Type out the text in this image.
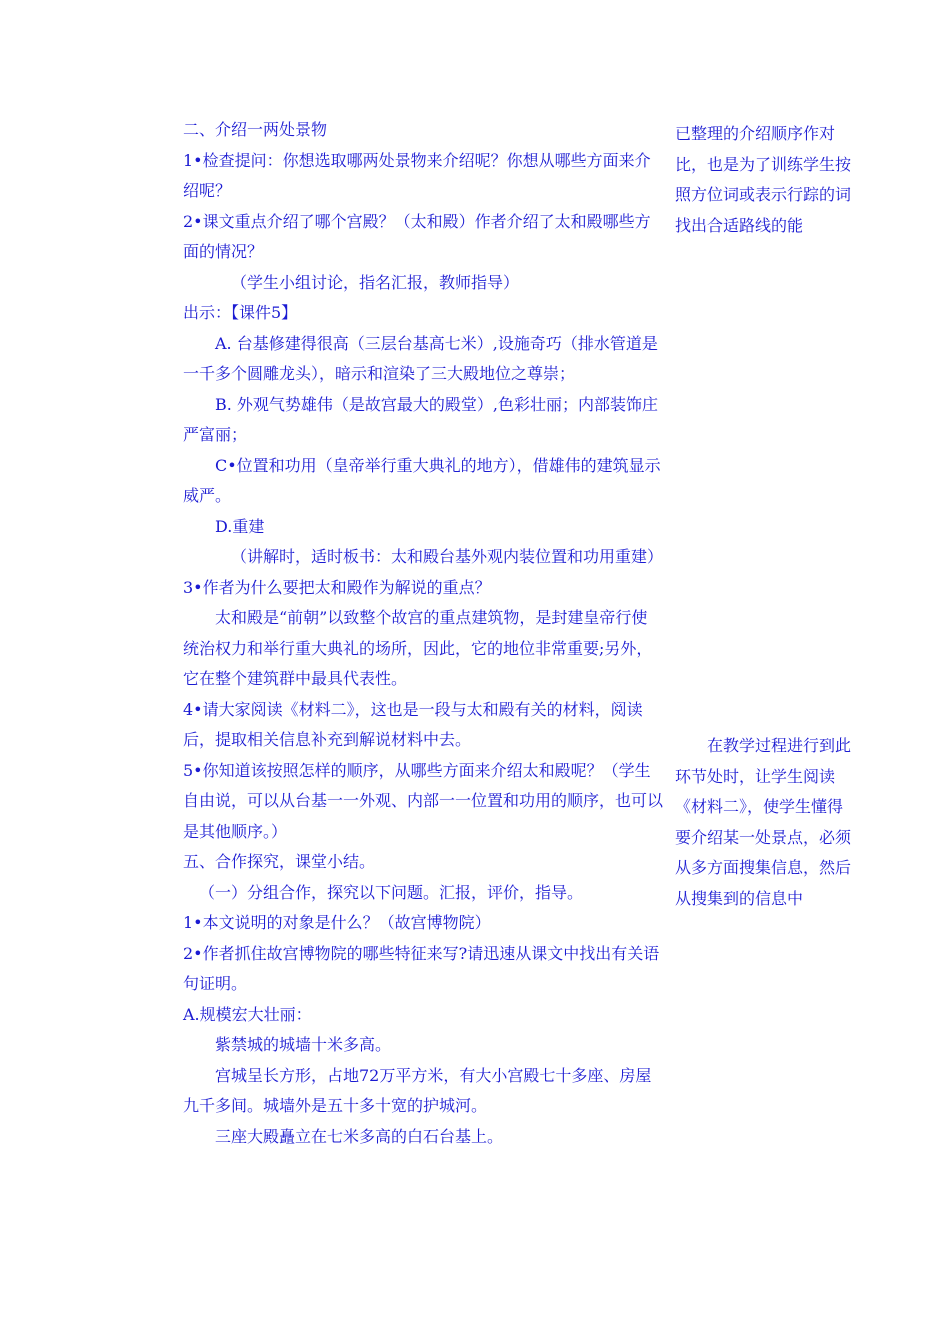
二、介绍一两处景物

1•检查提问：你想选取哪两处景物来介绍呢？你想从哪些方面来介绍呢？

2•课文重点介绍了哪个宫殿？（太和殿）作者介绍了太和殿哪些方面的情况？

（学生小组讨论，指名汇报，教师指导）

出示：【课件5】

A. 台基修建得很高（三层台基高七米）,设施奇巧（排水管道是一千多个圆雕龙头），暗示和渲染了三大殿地位之尊崇；

B. 外观气势雄伟（是故宫最大的殿堂）,色彩壮丽；内部装饰庄严富丽；

C•位置和功用（皇帝举行重大典礼的地方），借雄伟的建筑显示威严。

D.重建

（讲解时，适时板书：太和殿台基外观内装位置和功用重建）

3•作者为什么要把太和殿作为解说的重点？

太和殿是“前朝”以致整个故宫的重点建筑物，是封建皇帝行使统治权力和举行重大典礼的场所，因此，它的地位非常重要;另外，它在整个建筑群中最具代表性。

4•请大家阅读《材料二》，这也是一段与太和殿有关的材料，阅读后，提取相关信息补充到解说材料中去。

5•你知道该按照怎样的顺序，从哪些方面来介绍太和殿呢？（学生自由说，可以从台基一一外观、内部一一位置和功用的顺序，也可以是其他顺序。）

五、合作探究，课堂小结。

（一）分组合作，探究以下问题。汇报，评价，指导。

1•本文说明的对象是什么？（故宫博物院）

2•作者抓住故宫博物院的哪些特征来写?请迅速从课文中找出有关语句证明。

A.规模宏大壮丽：

紫禁城的城墙十米多高。

宫城呈长方形，占地72万平方米，有大小宫殿七十多座、房屋九千多间。城墙外是五十多十宽的护城河。

三座大殿矗立在七米多高的白石台基上。

已整理的介绍顺序作对比，也是为了训练学生按照方位词或表示行踪的词找出合适路线的能

在教学过程进行到此环节处时，让学生阅读

《材料二》，使学生懂得要介绍某一处景点，必须从多方面搜集信息，然后从搜集到的信息中
